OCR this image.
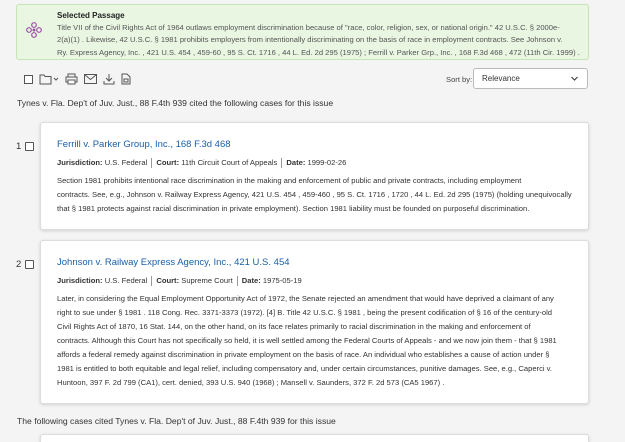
Selected Passage
Title VII of the Civil Rights Act of 1964 outlaws employment discrimination because of "race, color, religion, sex, or national origin." 42 U.S.C. § 2000e-
2(a)(1) . Likewise, 42 U.S.C. § 1981 prohibits employers from intentionally discriminating on the basis of race in employment contracts. See Johnson v.
Ry. Express Agency, Inc. , 421 U.S. 454 , 459-60 , 95 S. Ct. 1716 , 44 L. Ed. 2d 295 (1975) ; Ferrill v. Parker Grp., Inc. , 168 F.3d 468 , 472 (11th Cir. 1999) .
Sort by:	Relevance
Tynes v. Fla. Dep't of Juv. Just., 88 F.4th 939 cited the following cases for this issue
1	Ferrill v. Parker Group, Inc., 168 F.3d 468
Jurisdiction: U.S. Federal Court: 11th Circuit Court of Appeals Date: 1999-02-26
Section 1981 prohibits intentional race discrimination in the making and enforcement of public and private contracts, including employment
contracts. See, e.g., Johnson v. Railway Express Agency, 421 U.S. 454 , 459-460 , 95 S. Ct. 1716 , 1720 , 44 L. Ed. 2d 295 (1975) (holding unequivocally
that § 1981 protects against racial discrimination in private employment). Section 1981 liability must be founded on purposeful discrimination.
2	Johnson v. Railway Express Agency, Inc., 421 U.S. 454
Jurisdiction: U.S. Federal Court: Supreme Court Date: 1975-05-19
Later, in considering the Equal Employment Opportunity Act of 1972, the Senate rejected an amendment that would have deprived a claimant of any
right to sue under § 1981 . 118 Cong. Rec. 3371-3373 (1972). [4] B. Title 42 U.S.C. § 1981 , being the present codification of § 16 of the century-old
Civil Rights Act of 1870, 16 Stat. 144, on the other hand, on its face relates primarily to racial discrimination in the making and enforcement of
contracts. Although this Court has not specifically so held, it is well settled among the Federal Courts of Appeals - and we now join them - that § 1981
affords a federal remedy against discrimination in private employment on the basis of race. An individual who establishes a cause of action under §
1981 is entitled to both equitable and legal relief, including compensatory and, under certain circumstances, punitive damages. See, e.g., Caperci v.
Huntoon, 397 F. 2d 799 (CA1), cert. denied, 393 U.S. 940 (1968) ; Mansell v. Saunders, 372 F. 2d 573 (CA5 1967) .
The following cases cited Tynes v. Fla. Dep't of Juv. Just., 88 F.4th 939 for this issue
